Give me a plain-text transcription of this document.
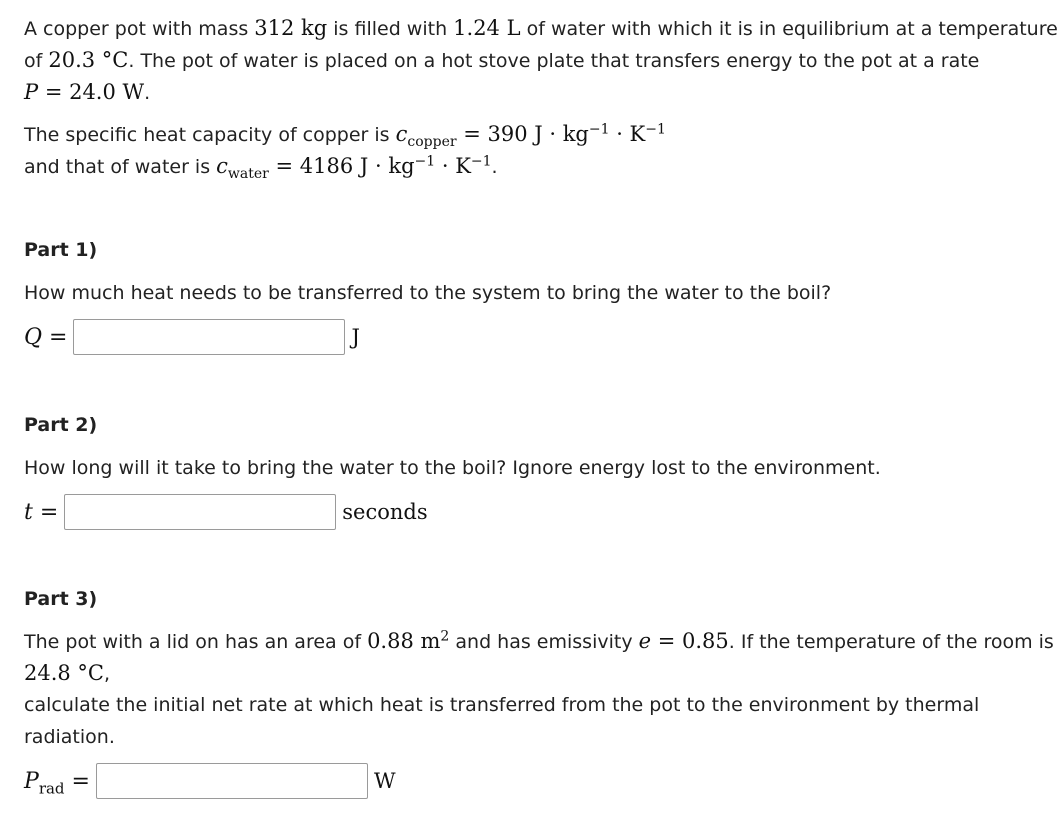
A copper pot with mass 312 kg is filled with 1.24 L of water with which it is in equilibrium at a temperature
of 20.3 °C. The pot of water is placed on a hot stove plate that transfers energy to the pot at a rate
P = 24.0 W.
The specific heat capacity of copper is $c_{copper} = 390$ $J \cdot kg^{-1} \cdot K^{-1}$
and that of water is $c_{water} = 4186$ $J \cdot kg^{-1} \cdot K^{-1}$.
Part 1)
How much heat needs to be transferred to the system to bring the water to the boil?
Q =	J
Part 2)
How long will it take to bring the water to the boil? Ignore energy lost to the environment.
t =	seconds
Part 3)
The pot with a lid on has an area of 0.88 $m^2$ and has emissivity e = 0.85. If the temperature of the room is
24.8 °C,
calculate the initial net rate at which heat is transferred from the pot to the environment by thermal
radiation.
$P_{rad}$ =	W
